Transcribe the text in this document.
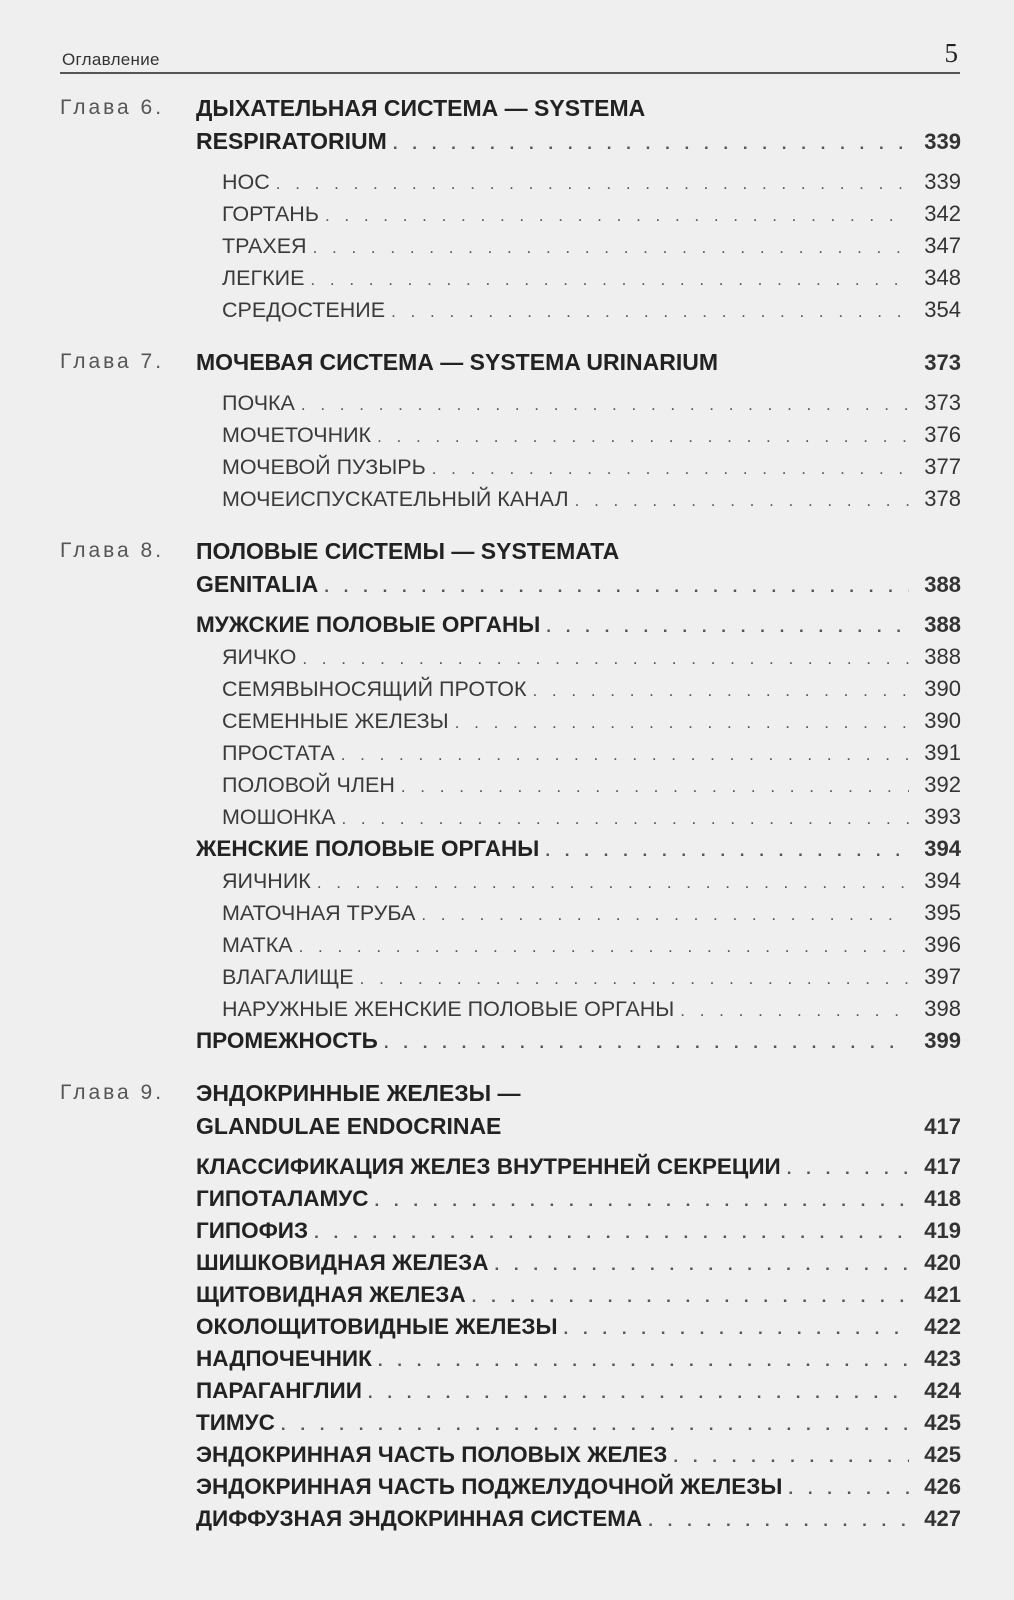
Оглавление	5
Глава 6. ДЫХАТЕЛЬНАЯ СИСТЕМА — SYSTEMA
RESPIRATORIUM . . .	339
НОС . . .	339
ГОРТАНЬ . . .	342
ТРАХЕЯ . . .	347
ЛЕГКИЕ . . .	348
СРЕДОСТЕНИЕ . . .	354
Глава 7. МОЧЕВАЯ СИСТЕМА — SYSTEMA URINARIUM	373
ПОЧКА . . .	373
МОЧЕТОЧНИК . . .	376
МОЧЕВОЙ ПУЗЫРЬ . . .	377
МОЧЕИСПУСКАТЕЛЬНЫЙ КАНАЛ . . .	378
Глава 8. ПОЛОВЫЕ СИСТЕМЫ — SYSTEMATA
GENITALIA . . .	388
МУЖСКИЕ ПОЛОВЫЕ ОРГАНЫ . . .	388
ЯИЧКО . . .	388
СЕМЯВЫНОСЯЩИЙ ПРОТОК . . .	390
СЕМЕННЫЕ ЖЕЛЕЗЫ . . .	390
ПРОСТАТА . . .	391
ПОЛОВОЙ ЧЛЕН . . .	392
МОШОНКА . . .	393
ЖЕНСКИЕ ПОЛОВЫЕ ОРГАНЫ . . .	394
ЯИЧНИК . . .	394
МАТОЧНАЯ ТРУБА . . .	395
МАТКА . . .	396
ВЛАГАЛИЩЕ . . .	397
НАРУЖНЫЕ ЖЕНСКИЕ ПОЛОВЫЕ ОРГАНЫ . . .	398
ПРОМЕЖНОСТЬ . . .	399
Глава 9. ЭНДОКРИННЫЕ ЖЕЛЕЗЫ —
GLANDULAE ENDOCRINAE	417
КЛАССИФИКАЦИЯ ЖЕЛЕЗ ВНУТРЕННЕЙ СЕКРЕЦИИ . . .	417
ГИПОТАЛАМУС . . .	418
ГИПОФИЗ . . .	419
ШИШКОВИДНАЯ ЖЕЛЕЗА . . .	420
ЩИТОВИДНАЯ ЖЕЛЕЗА . . .	421
ОКОЛОЩИТОВИДНЫЕ ЖЕЛЕЗЫ . . .	422
НАДПОЧЕЧНИК . . .	423
ПАРАГАНГЛИИ . . .	424
ТИМУС . . .	425
ЭНДОКРИННАЯ ЧАСТЬ ПОЛОВЫХ ЖЕЛЕЗ . . .	425
ЭНДОКРИННАЯ ЧАСТЬ ПОДЖЕЛУДОЧНОЙ ЖЕЛЕЗЫ . . .	426
ДИФФУЗНАЯ ЭНДОКРИННАЯ СИСТЕМА . . .	427
